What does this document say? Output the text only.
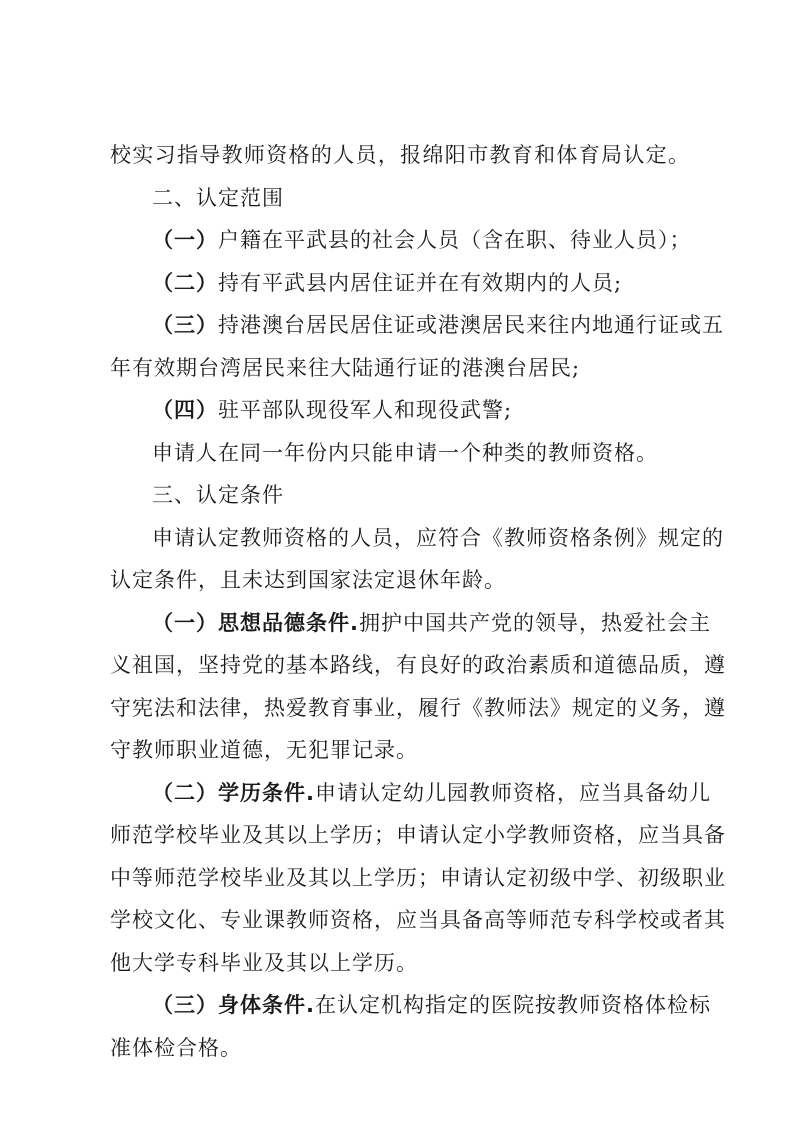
校实习指导教师资格的人员，报绵阳市教育和体育局认定。
二、认定范围
（一）户籍在平武县的社会人员（含在职、待业人员）；
（二）持有平武县内居住证并在有效期内的人员;
（三）持港澳台居民居住证或港澳居民来往内地通行证或五
年有效期台湾居民来往大陆通行证的港澳台居民;
（四）驻平部队现役军人和现役武警;
申请人在同一年份内只能申请一个种类的教师资格。
三、认定条件
申请认定教师资格的人员，应符合《教师资格条例》规定的
认定条件，且未达到国家法定退休年龄。
（一）思想品德条件.拥护中国共产党的领导，热爱社会主
义祖国，坚持党的基本路线，有良好的政治素质和道德品质，遵
守宪法和法律，热爱教育事业，履行《教师法》规定的义务，遵
守教师职业道德，无犯罪记录。
（二）学历条件.申请认定幼儿园教师资格，应当具备幼儿
师范学校毕业及其以上学历；申请认定小学教师资格，应当具备
中等师范学校毕业及其以上学历；申请认定初级中学、初级职业
学校文化、专业课教师资格，应当具备高等师范专科学校或者其
他大学专科毕业及其以上学历。
（三）身体条件.在认定机构指定的医院按教师资格体检标
准体检合格。
